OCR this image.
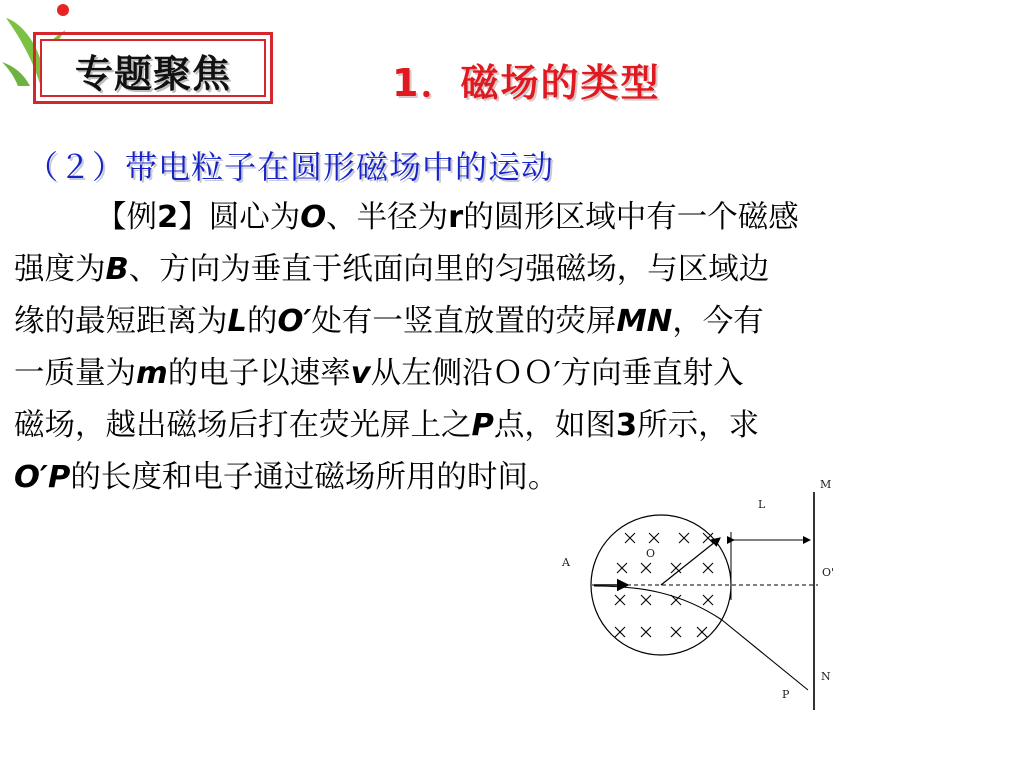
专题聚焦	1．磁场的类型
（２）带电粒子在圆形磁场中的运动
【例2】圆心为O、半径为r的圆形区域中有一个磁感
强度为B、方向为垂直于纸面向里的匀强磁场，与区域边
缘的最短距离为L的O′处有一竖直放置的荧屏MN，今有
一质量为m的电子以速率v从左侧沿ＯＯ′方向垂直射入
磁场，越出磁场后打在荧光屏上之P点，如图3所示，求
O′P的长度和电子通过磁场所用的时间。
A
O
L
M
O'
N
P
